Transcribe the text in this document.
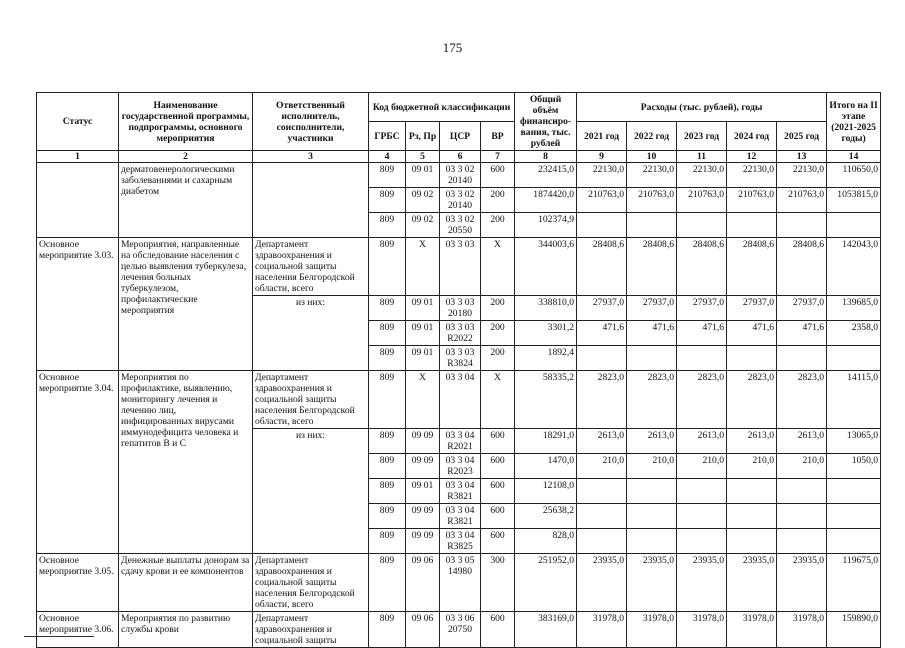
175
Статус	Наименование государственной программы, подпрограммы, основного мероприятия	Ответственный исполнитель, соисполнители, участники	Код бюджетной классификации				Общий объём финансиро-вания, тыс. рублей	Расходы (тыс. рублей), годы					Итого на II этапе (2021-2025 годы)
			ГРБС	Рз, Пр	ЦСР	ВР		2021 год	2022 год	2023 год	2024 год	2025 год	
1	2	3	4	5	6	7	8	9	10	11	12	13	14
	дерматовенерологическими заболеваниями и сахарным диабетом		809	09 01	03 3 02 20140	600	232415,0	22130,0	22130,0	22130,0	22130,0	22130,0	110650,0
			809	09 02	03 3 02 20140	200	1874420,0	210763,0	210763,0	210763,0	210763,0	210763,0	1053815,0
			809	09 02	03 3 02 20550	200	102374,9						
Основное мероприятие 3.03.	Мероприятия, направленные на обследование населения с целью выявления туберкулеза, лечения больных туберкулезом, профилактические мероприятия	Департамент здравоохранения и социальной защиты населения Белгородской области, всего	809	Х	03 3 03	Х	344003,6	28408,6	28408,6	28408,6	28408,6	28408,6	142043,0
		из них:	809	09 01	03 3 03 20180	200	338810,0	27937,0	27937,0	27937,0	27937,0	27937,0	139685,0
			809	09 01	03 3 03 R2022	200	3301,2	471,6	471,6	471,6	471,6	471,6	2358,0
			809	09 01	03 3 03 R3824	200	1892,4						
Основное мероприятие 3.04.	Мероприятия по профилактике, выявлению, мониторингу лечения и лечению лиц, инфицированных вирусами иммунодефицита человека и гепатитов В и С	Департамент здравоохранения и социальной защиты населения Белгородской области, всего	809	Х	03 3 04	Х	58335,2	2823,0	2823,0	2823,0	2823,0	2823,0	14115,0
		из них:	809	09 09	03 3 04 R2021	600	18291,0	2613,0	2613,0	2613,0	2613,0	2613,0	13065,0
			809	09 09	03 3 04 R2023	600	1470,0	210,0	210,0	210,0	210,0	210,0	1050,0
			809	09 01	03 3 04 R3821	600	12108,0						
			809	09 09	03 3 04 R3821	600	25638,2						
			809	09 09	03 3 04 R3825	600	828,0						
Основное мероприятие 3.05.	Денежные выплаты донорам за сдачу крови и ее компонентов	Департамент здравоохранения и социальной защиты населения Белгородской области, всего	809	09 06	03 3 05 14980	300	251952,0	23935,0	23935,0	23935,0	23935,0	23935,0	119675,0
Основное мероприятие 3.06.	Мероприятия по развитию службы крови	Департамент здравоохранения и социальной защиты	809	09 06	03 3 06 20750	600	383169,0	31978,0	31978,0	31978,0	31978,0	31978,0	159890,0
